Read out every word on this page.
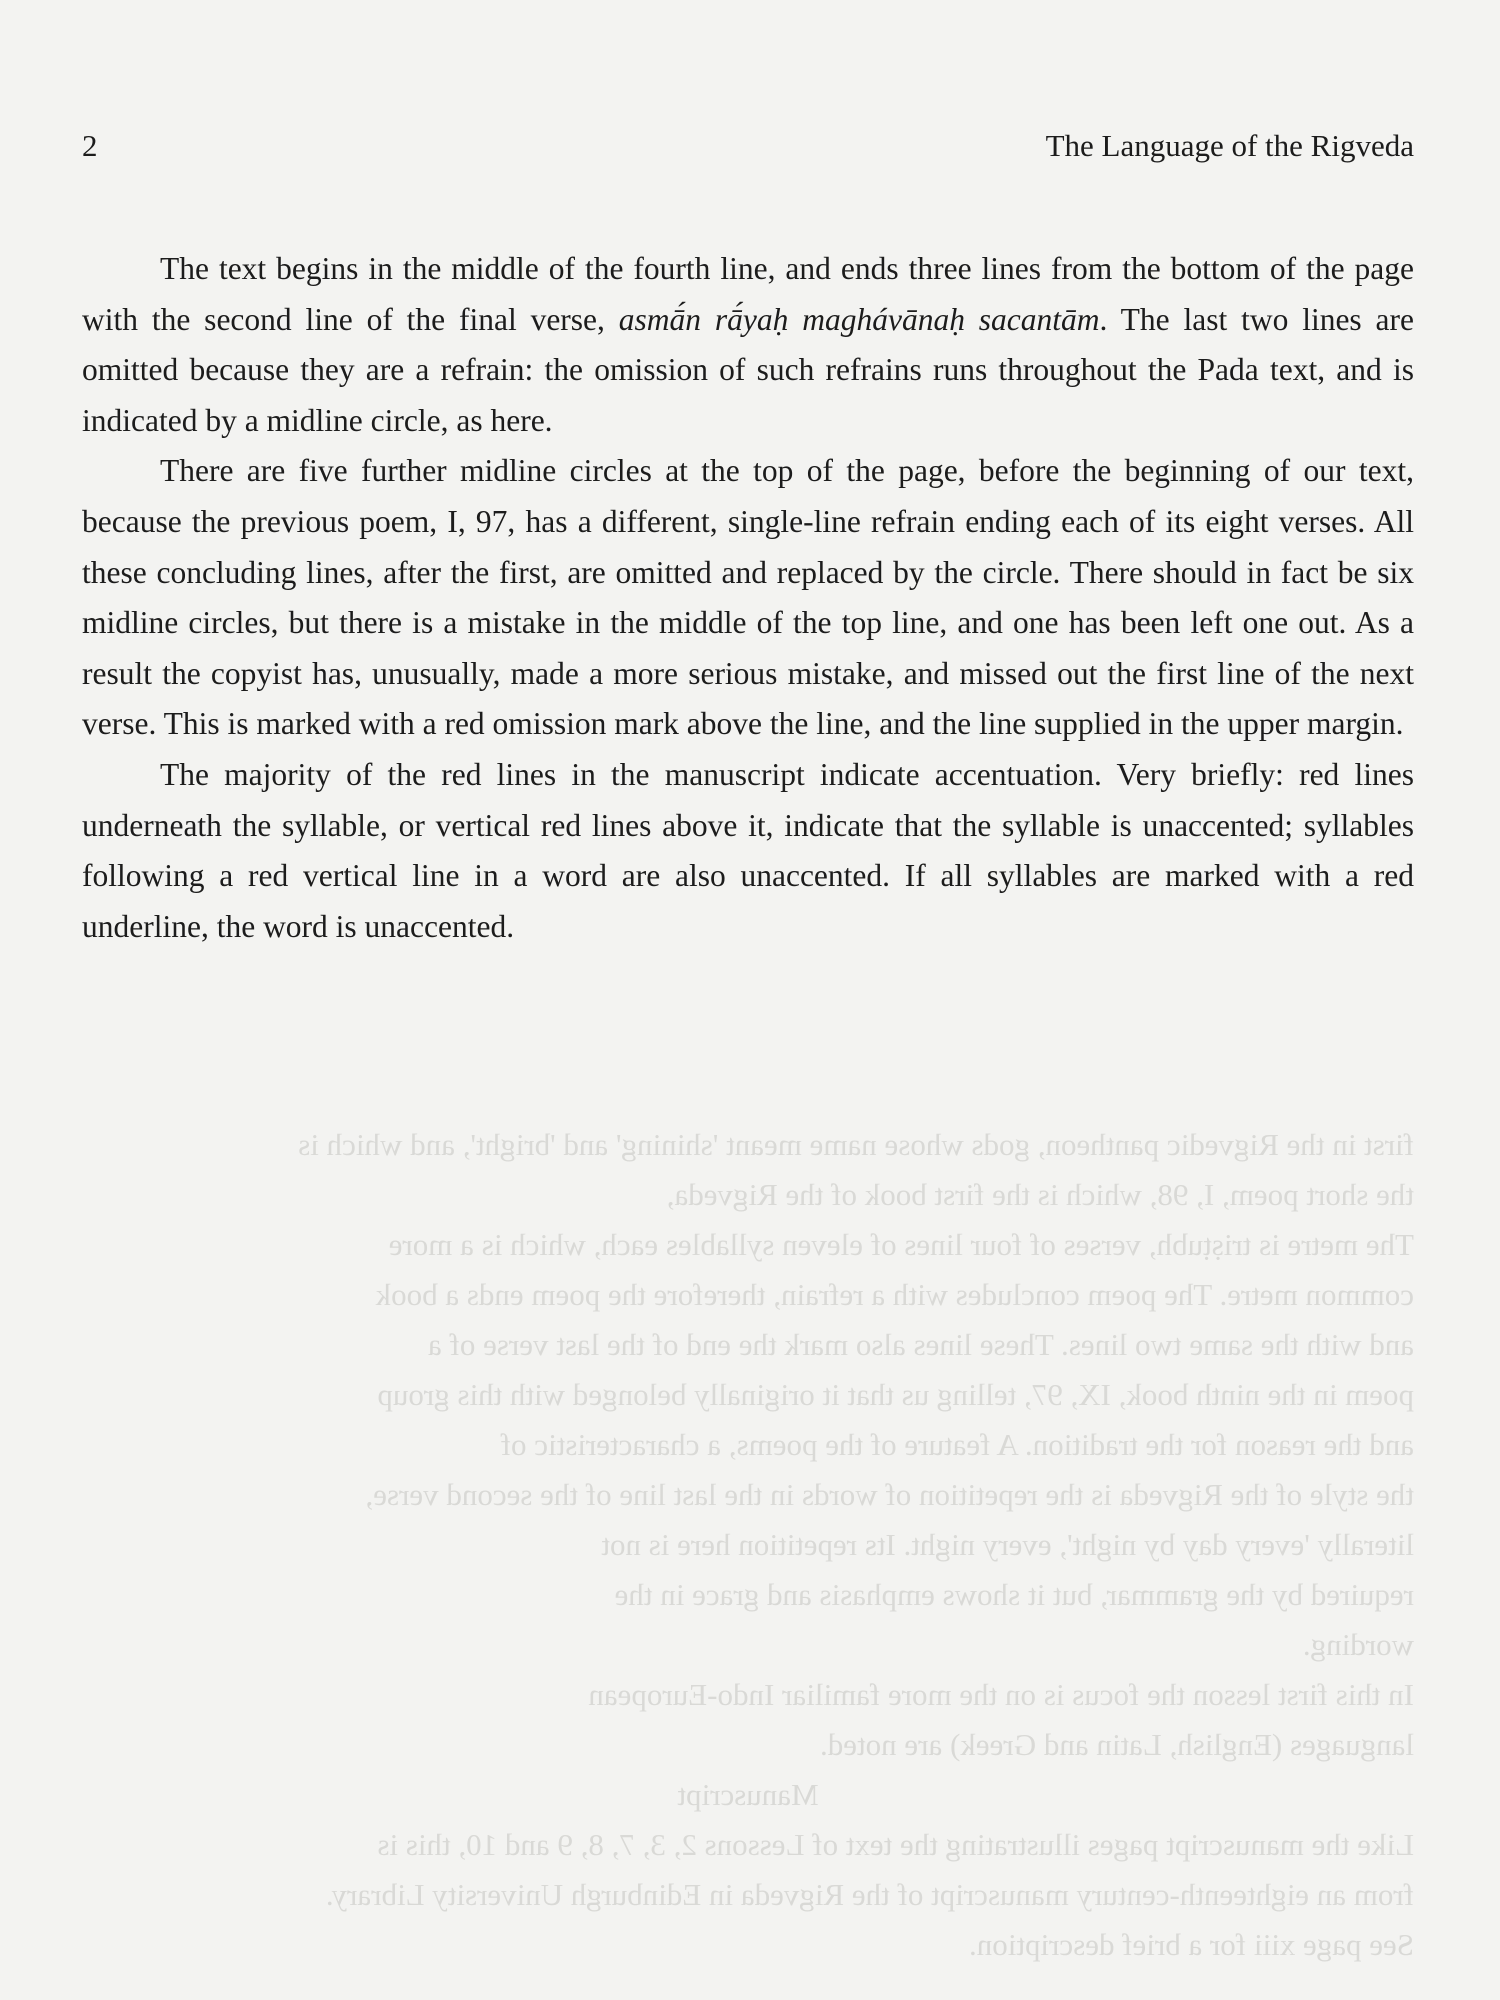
first in the Rigvedic pantheon, gods whose name meant 'shining' and 'bright', and which is

the short poem, I, 98, which is the first book of the Rigveda,

The metre is triṣṭubh, verses of four lines of eleven syllables each, which is a more

common metre. The poem concludes with a refrain, therefore the poem ends a book

and with the same two lines. These lines also mark the end of the last verse of a

poem in the ninth book, IX, 97, telling us that it originally belonged with this group

and the reason for the tradition. A feature of the poems, a characteristic of

the style of the Rigveda is the repetition of words in the last line of the second verse,

literally 'every day by night', every night. Its repetition here is not

required by the grammar, but it shows emphasis and grace in the

wording.

In this first lesson the focus is on the more familiar Indo-European

languages (English, Latin and Greek) are noted.

Manuscript

Like the manuscript pages illustrating the text of Lessons 2, 3, 7, 8, 9 and 10, this is

from an eighteenth-century manuscript of the Rigveda in Edinburgh University Library.

See page xiii for a brief description.

2	The Language of the Rigveda

The text begins in the middle of the fourth line, and ends three lines from the bottom of the page with the second line of the final verse, asmā́n rā́yaḥ maghávānaḥ sacantām. The last two lines are omitted because they are a refrain: the omission of such refrains runs throughout the Pada text, and is indicated by a midline circle, as here.

There are five further midline circles at the top of the page, before the beginning of our text, because the previous poem, I, 97, has a different, single-line refrain ending each of its eight verses. All these concluding lines, after the first, are omitted and replaced by the circle. There should in fact be six midline circles, but there is a mistake in the middle of the top line, and one has been left one out. As a result the copyist has, unusually, made a more serious mistake, and missed out the first line of the next verse. This is marked with a red omission mark above the line, and the line supplied in the upper margin.

The majority of the red lines in the manuscript indicate accentuation. Very briefly: red lines underneath the syllable, or vertical red lines above it, indicate that the syllable is unaccented; syllables following a red vertical line in a word are also unaccented. If all syllables are marked with a red underline, the word is unaccented.
